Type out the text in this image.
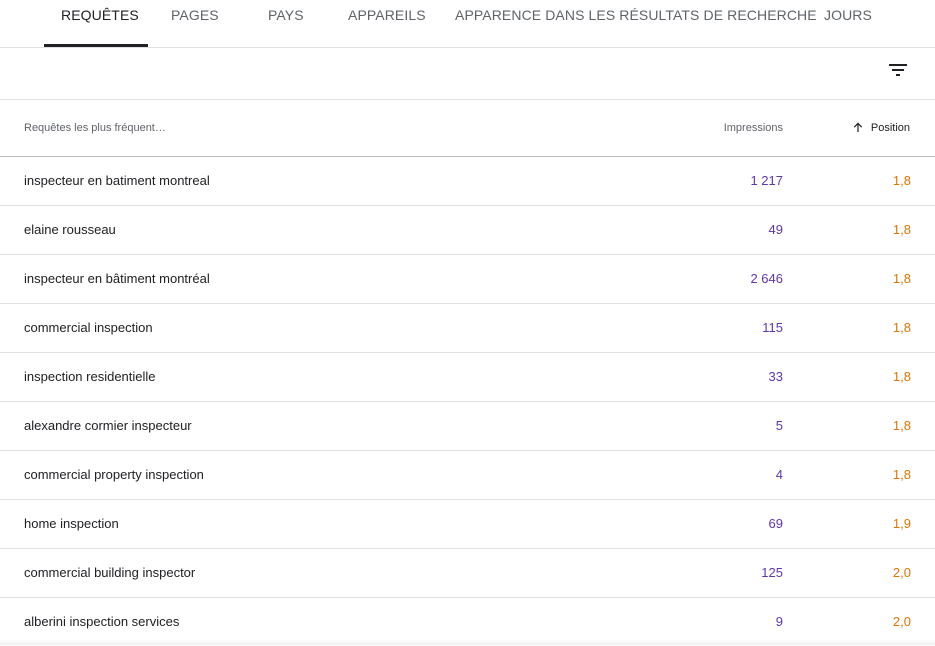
REQUÊTES PAGES	PAYS	APPAREILS APPARENCE DANS LES RÉSULTATS DE RECHERCHE JOURS
Requêtes les plus fréquent…	Impressions	Position
inspecteur en batiment montreal	1 217	1,8
elaine rousseau	49	1,8
inspecteur en bâtiment montréal	2 646	1,8
commercial inspection	115	1,8
inspection residentielle	33	1,8
alexandre cormier inspecteur	5	1,8
commercial property inspection	4	1,8
home inspection	69	1,9
commercial building inspector	125	2,0
alberini inspection services	9	2,0
